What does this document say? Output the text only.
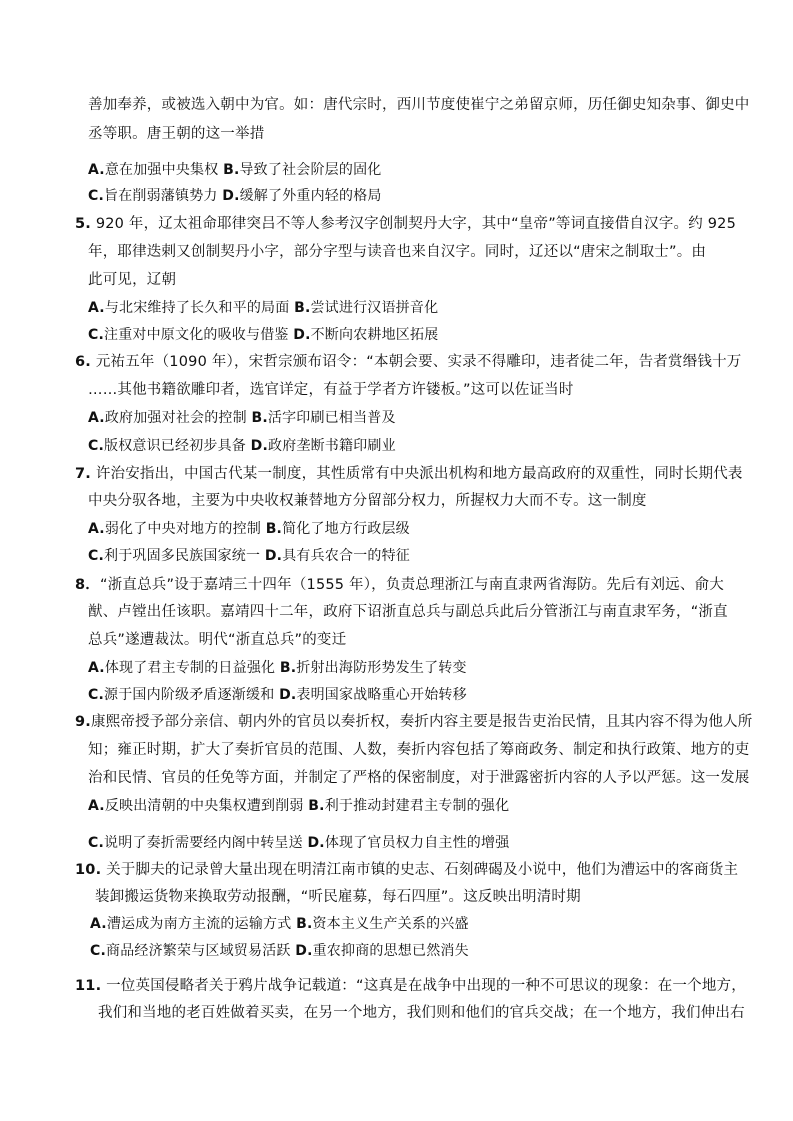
善加奉养，或被选入朝中为官。如：唐代宗时，西川节度使崔宁之弟留京师，历任御史知杂事、御史中
丞等职。唐王朝的这一举措
A.意在加强中央集权 B.导致了社会阶层的固化
C.旨在削弱藩镇势力 D.缓解了外重内轻的格局
5. 920 年，辽太祖命耶律突吕不等人参考汉字创制契丹大字，其中“皇帝”等词直接借自汉字。约 925
年，耶律迭剌又创制契丹小字，部分字型与读音也来自汉字。同时，辽还以“唐宋之制取士”。由
此可见，辽朝
A.与北宋维持了长久和平的局面 B.尝试进行汉语拼音化
C.注重对中原文化的吸收与借鉴 D.不断向农耕地区拓展
6. 元祐五年（1090 年），宋哲宗颁布诏令：“本朝会要、实录不得雕印，违者徒二年，告者赏缗钱十万
……其他书籍欲雕印者，选官详定，有益于学者方许镂板。”这可以佐证当时
A.政府加强对社会的控制 B.活字印刷已相当普及
C.版权意识已经初步具备 D.政府垄断书籍印刷业
7. 许治安指出，中国古代某一制度，其性质常有中央派出机构和地方最高政府的双重性，同时长期代表
中央分驭各地，主要为中央收权兼替地方分留部分权力，所握权力大而不专。这一制度
A.弱化了中央对地方的控制 B.简化了地方行政层级
C.利于巩固多民族国家统一 D.具有兵农合一的特征
8．“浙直总兵”设于嘉靖三十四年（1555 年），负责总理浙江与南直隶两省海防。先后有刘远、俞大
猷、卢镗出任该职。嘉靖四十二年，政府下诏浙直总兵与副总兵此后分管浙江与南直隶军务，“浙直
总兵”遂遭裁汰。明代“浙直总兵”的变迁
A.体现了君主专制的日益强化 B.折射出海防形势发生了转变
C.源于国内阶级矛盾逐渐缓和 D.表明国家战略重心开始转移
9.康熙帝授予部分亲信、朝内外的官员以奏折权，奏折内容主要是报告吏治民情，且其内容不得为他人所
知；雍正时期，扩大了奏折官员的范围、人数，奏折内容包括了筹商政务、制定和执行政策、地方的吏
治和民情、官员的任免等方面，并制定了严格的保密制度，对于泄露密折内容的人予以严惩。这一发展
A.反映出清朝的中央集权遭到削弱 B.利于推动封建君主专制的强化
C.说明了奏折需要经内阁中转呈送 D.体现了官员权力自主性的增强
10. 关于脚夫的记录曾大量出现在明清江南市镇的史志、石刻碑碣及小说中，他们为漕运中的客商货主
装卸搬运货物来换取劳动报酬，“听民雇募，每石四厘”。这反映出明清时期
A.漕运成为南方主流的运输方式 B.资本主义生产关系的兴盛
C.商品经济繁荣与区域贸易活跃 D.重农抑商的思想已然消失
11. 一位英国侵略者关于鸦片战争记载道：“这真是在战争中出现的一种不可思议的现象：在一个地方，
我们和当地的老百姓做着买卖，在另一个地方，我们则和他们的官兵交战；在一个地方，我们伸出右
